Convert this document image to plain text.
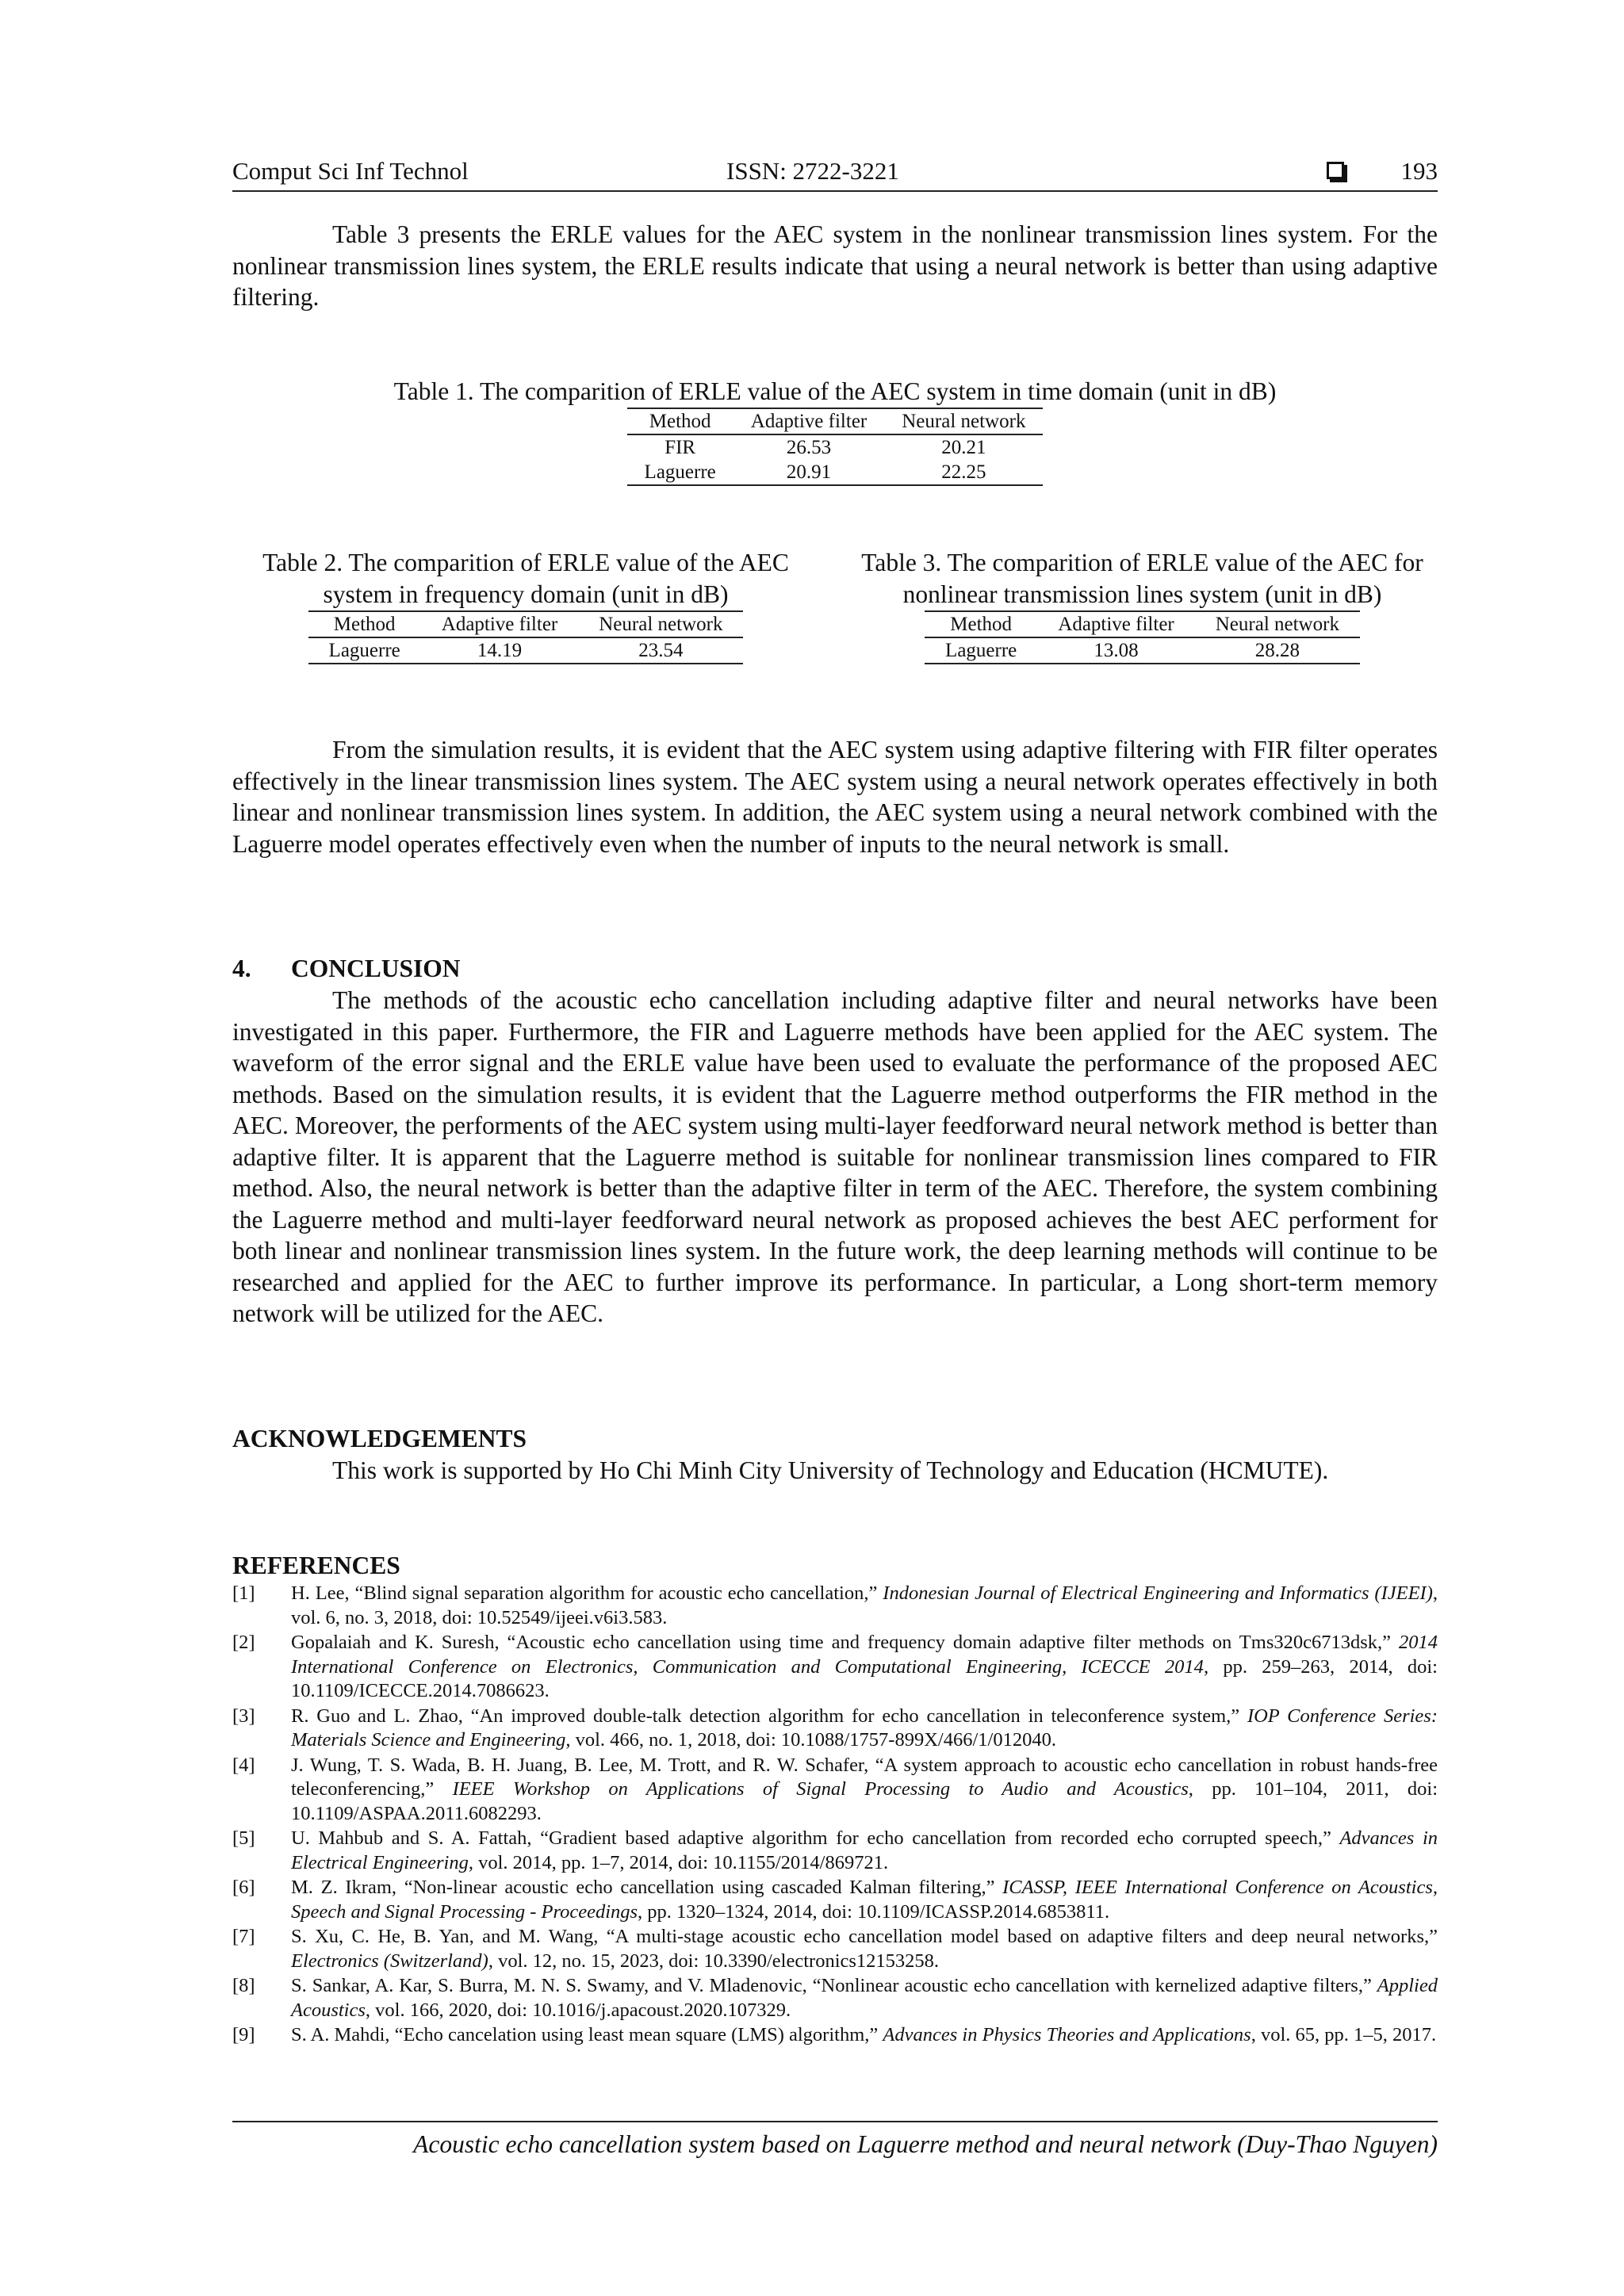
Comput Sci Inf Technol	ISSN: 2722-3221	193

Table 3 presents the ERLE values for the AEC system in the nonlinear transmission lines system. For the nonlinear transmission lines system, the ERLE results indicate that using a neural network is better than using adaptive filtering.

Table 1. The comparition of ERLE value of the AEC system in time domain (unit in dB)
Method	Adaptive filter	Neural network
FIR	26.53	20.21
Laguerre	20.91	22.25
Table 2. The comparition of ERLE value of the AEC system in frequency domain (unit in dB)
Method	Adaptive filter	Neural network
Laguerre	14.19	23.54
Table 3. The comparition of ERLE value of the AEC for nonlinear transmission lines system (unit in dB)
Method	Adaptive filter	Neural network
Laguerre	13.08	28.28

From the simulation results, it is evident that the AEC system using adaptive filtering with FIR filter operates effectively in the linear transmission lines system. The AEC system using a neural network operates effectively in both linear and nonlinear transmission lines system. In addition, the AEC system using a neural network combined with the Laguerre model operates effectively even when the number of inputs to the neural network is small.

4. CONCLUSION

The methods of the acoustic echo cancellation including adaptive filter and neural networks have been investigated in this paper. Furthermore, the FIR and Laguerre methods have been applied for the AEC system. The waveform of the error signal and the ERLE value have been used to evaluate the performance of the proposed AEC methods. Based on the simulation results, it is evident that the Laguerre method outperforms the FIR method in the AEC. Moreover, the performents of the AEC system using multi-layer feedforward neural network method is better than adaptive filter. It is apparent that the Laguerre method is suitable for nonlinear transmission lines compared to FIR method. Also, the neural network is better than the adaptive filter in term of the AEC. Therefore, the system combining the Laguerre method and multi-layer feedforward neural network as proposed achieves the best AEC performent for both linear and nonlinear transmission lines system. In the future work, the deep learning methods will continue to be researched and applied for the AEC to further improve its performance. In particular, a Long short-term memory network will be utilized for the AEC.

ACKNOWLEDGEMENTS

This work is supported by Ho Chi Minh City University of Technology and Education (HCMUTE).

REFERENCES

[1] H. Lee, “Blind signal separation algorithm for acoustic echo cancellation,” Indonesian Journal of Electrical Engineering and Informatics (IJEEI), vol. 6, no. 3, 2018, doi: 10.52549/ijeei.v6i3.583.
[2] Gopalaiah and K. Suresh, “Acoustic echo cancellation using time and frequency domain adaptive filter methods on Tms320c6713dsk,” 2014 International Conference on Electronics, Communication and Computational Engineering, ICECCE 2014, pp. 259–263, 2014, doi: 10.1109/ICECCE.2014.7086623.
[3] R. Guo and L. Zhao, “An improved double-talk detection algorithm for echo cancellation in teleconference system,” IOP Conference Series: Materials Science and Engineering, vol. 466, no. 1, 2018, doi: 10.1088/1757-899X/466/1/012040.
[4] J. Wung, T. S. Wada, B. H. Juang, B. Lee, M. Trott, and R. W. Schafer, “A system approach to acoustic echo cancellation in robust hands-free teleconferencing,” IEEE Workshop on Applications of Signal Processing to Audio and Acoustics, pp. 101–104, 2011, doi: 10.1109/ASPAA.2011.6082293.
[5] U. Mahbub and S. A. Fattah, “Gradient based adaptive algorithm for echo cancellation from recorded echo corrupted speech,” Advances in Electrical Engineering, vol. 2014, pp. 1–7, 2014, doi: 10.1155/2014/869721.
[6] M. Z. Ikram, “Non-linear acoustic echo cancellation using cascaded Kalman filtering,” ICASSP, IEEE International Conference on Acoustics, Speech and Signal Processing - Proceedings, pp. 1320–1324, 2014, doi: 10.1109/ICASSP.2014.6853811.
[7] S. Xu, C. He, B. Yan, and M. Wang, “A multi-stage acoustic echo cancellation model based on adaptive filters and deep neural networks,” Electronics (Switzerland), vol. 12, no. 15, 2023, doi: 10.3390/electronics12153258.
[8] S. Sankar, A. Kar, S. Burra, M. N. S. Swamy, and V. Mladenovic, “Nonlinear acoustic echo cancellation with kernelized adaptive filters,” Applied Acoustics, vol. 166, 2020, doi: 10.1016/j.apacoust.2020.107329.
[9] S. A. Mahdi, “Echo cancelation using least mean square (LMS) algorithm,” Advances in Physics Theories and Applications, vol. 65, pp. 1–5, 2017.
Acoustic echo cancellation system based on Laguerre method and neural network (Duy-Thao Nguyen)
